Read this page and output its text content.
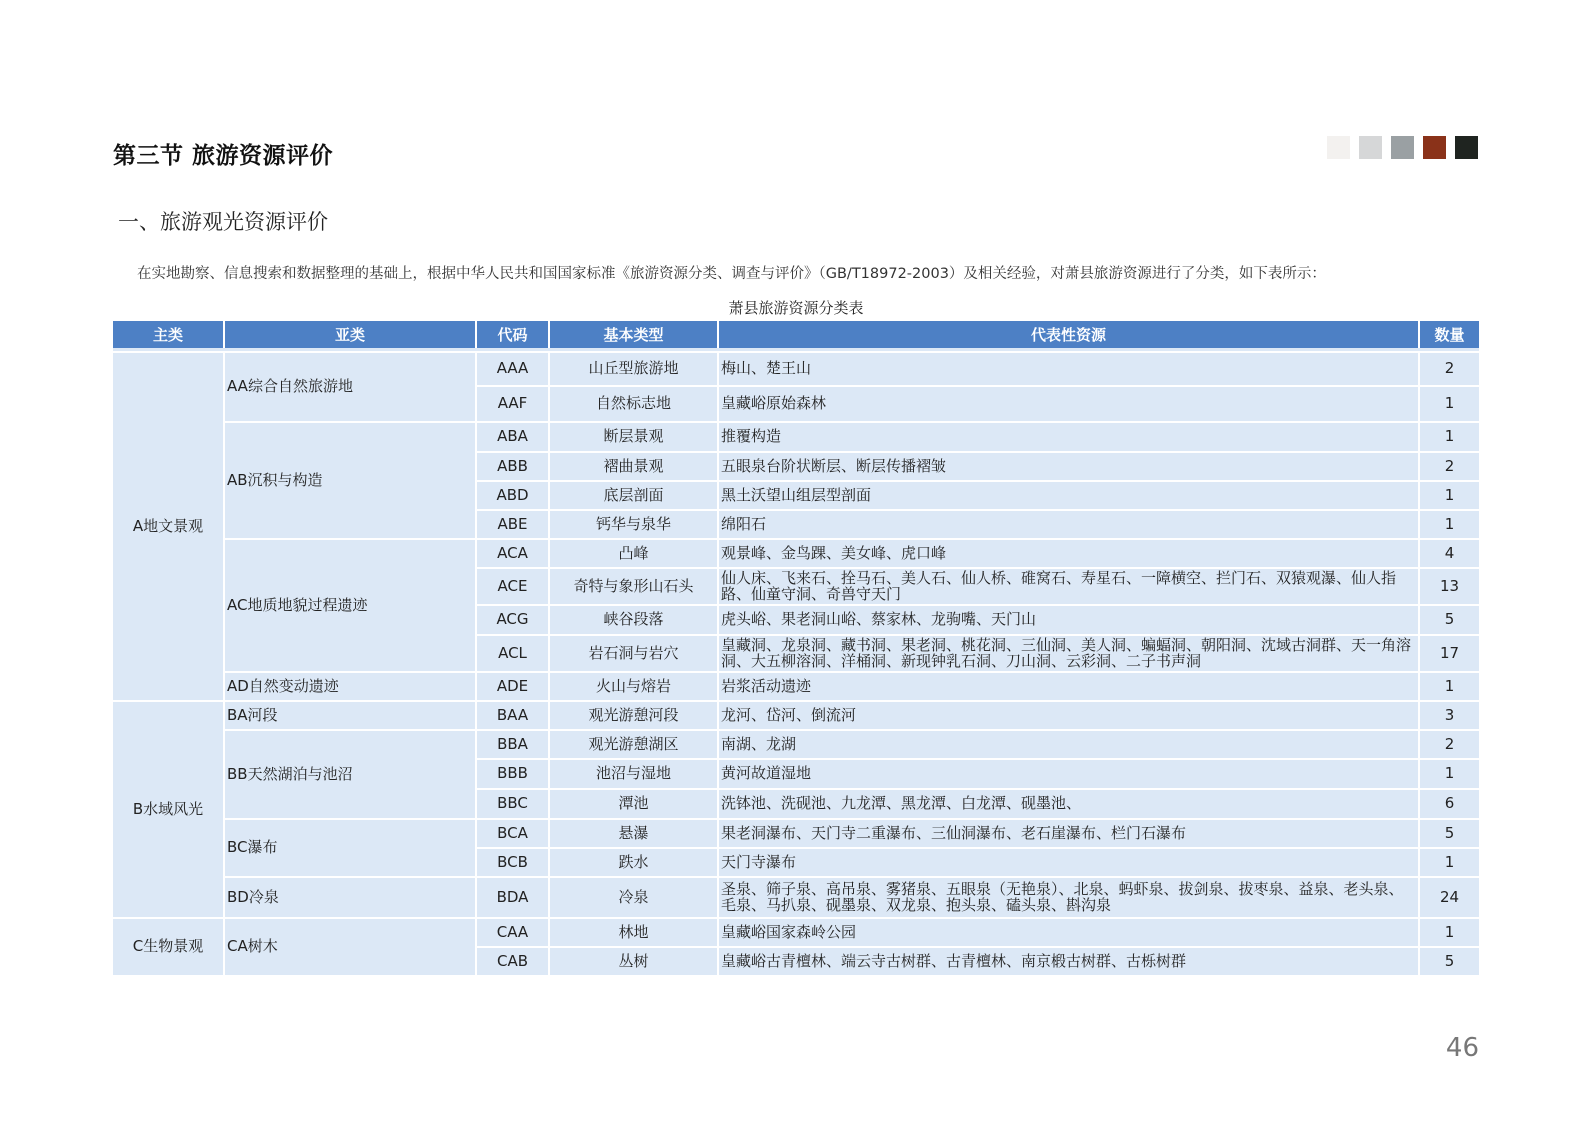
第三节 旅游资源评价
一、旅游观光资源评价

在实地勘察、信息搜索和数据整理的基础上，根据中华人民共和国国家标准《旅游资源分类、调查与评价》（GB/T18972-2003）及相关经验，对萧县旅游资源进行了分类，如下表所示：

萧县旅游资源分类表

主类	亚类	代码	基本类型	代表性资源	数量

A地文景观	AA综合自然旅游地	AAA	山丘型旅游地	梅山、楚王山	2
		AAF	自然标志地	皇藏峪原始森林	1
	AB沉积与构造	ABA	断层景观	推覆构造	1
		ABB	褶曲景观	五眼泉台阶状断层、断层传播褶皱	2
		ABD	底层剖面	黑土沃望山组层型剖面	1
		ABE	钙华与泉华	绵阳石	1
	AC地质地貌过程遗迹	ACA	凸峰	观景峰、金鸟踝、美女峰、虎口峰	4
		ACE	奇特与象形山石头	仙人床、飞来石、拴马石、美人石、仙人桥、碓窝石、寿星石、一障横空、拦门石、双猿观瀑、仙人指路、仙童守洞、奇兽守天门	13
		ACG	峡谷段落	虎头峪、果老洞山峪、蔡家林、龙驹嘴、天门山	5
		ACL	岩石洞与岩穴	皇藏洞、龙泉洞、藏书洞、果老洞、桃花洞、三仙洞、美人洞、蝙蝠洞、朝阳洞、沈域古洞群、天一角溶洞、大五柳溶洞、洋桶洞、新现钟乳石洞、刀山洞、云彩洞、二子书声洞	17
	AD自然变动遗迹	ADE	火山与熔岩	岩浆活动遗迹	1
B水域风光	BA河段	BAA	观光游憩河段	龙河、岱河、倒流河	3
	BB天然湖泊与池沼	BBA	观光游憩湖区	南湖、龙湖	2
		BBB	池沼与湿地	黄河故道湿地	1
		BBC	潭池	洗钵池、洗砚池、九龙潭、黑龙潭、白龙潭、砚墨池、	6
	BC瀑布	BCA	悬瀑	果老洞瀑布、天门寺二重瀑布、三仙洞瀑布、老石崖瀑布、栏门石瀑布	5
		BCB	跌水	天门寺瀑布	1
	BD冷泉	BDA	冷泉	圣泉、筛子泉、高吊泉、雾猪泉、五眼泉（无艳泉）、北泉、蚂虾泉、拔剑泉、拔枣泉、益泉、老头泉、毛泉、马扒泉、砚墨泉、双龙泉、抱头泉、磕头泉、斟沟泉	24
C生物景观	CA树木	CAA	林地	皇藏峪国家森岭公园	1
		CAB	丛树	皇藏峪古青檀林、端云寺古树群、古青檀林、南京椴古树群、古栎树群	5

46
